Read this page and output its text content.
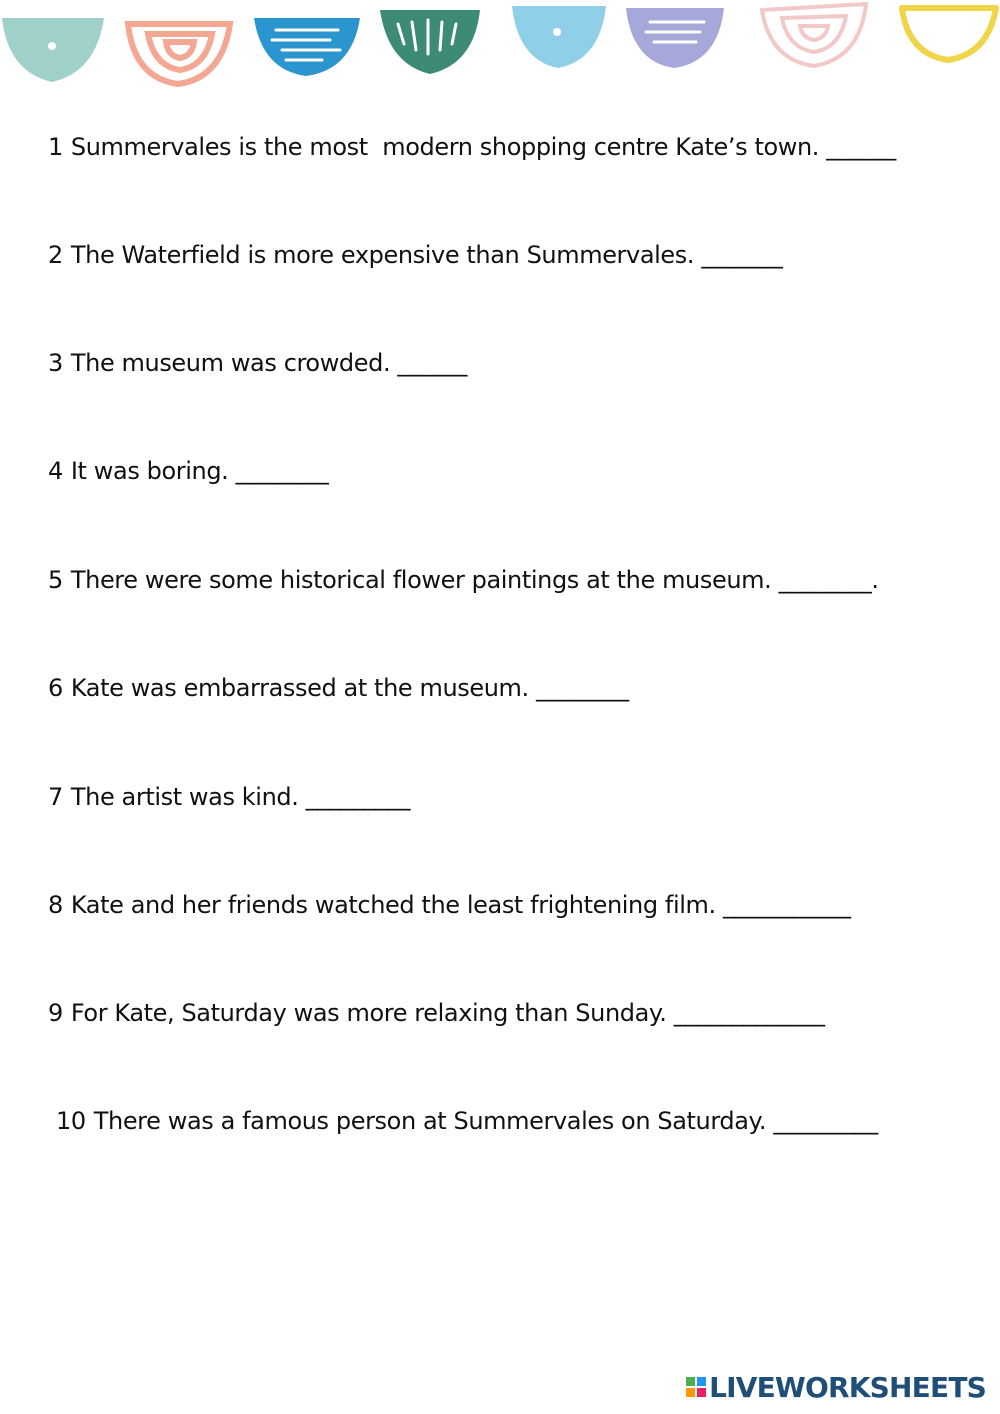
1 Summervales is the most  modern shopping centre Kate’s town. ______

2 The Waterfield is more expensive than Summervales. _______

3 The museum was crowded. ______

4 It was boring. ________

5 There were some historical flower paintings at the museum. ________.

6 Kate was embarrassed at the museum. ________

7 The artist was kind. _________

8 Kate and her friends watched the least frightening film. ___________

9 For Kate, Saturday was more relaxing than Sunday. _____________

10 There was a famous person at Summervales on Saturday. _________

LIVEWORKSHEETS
